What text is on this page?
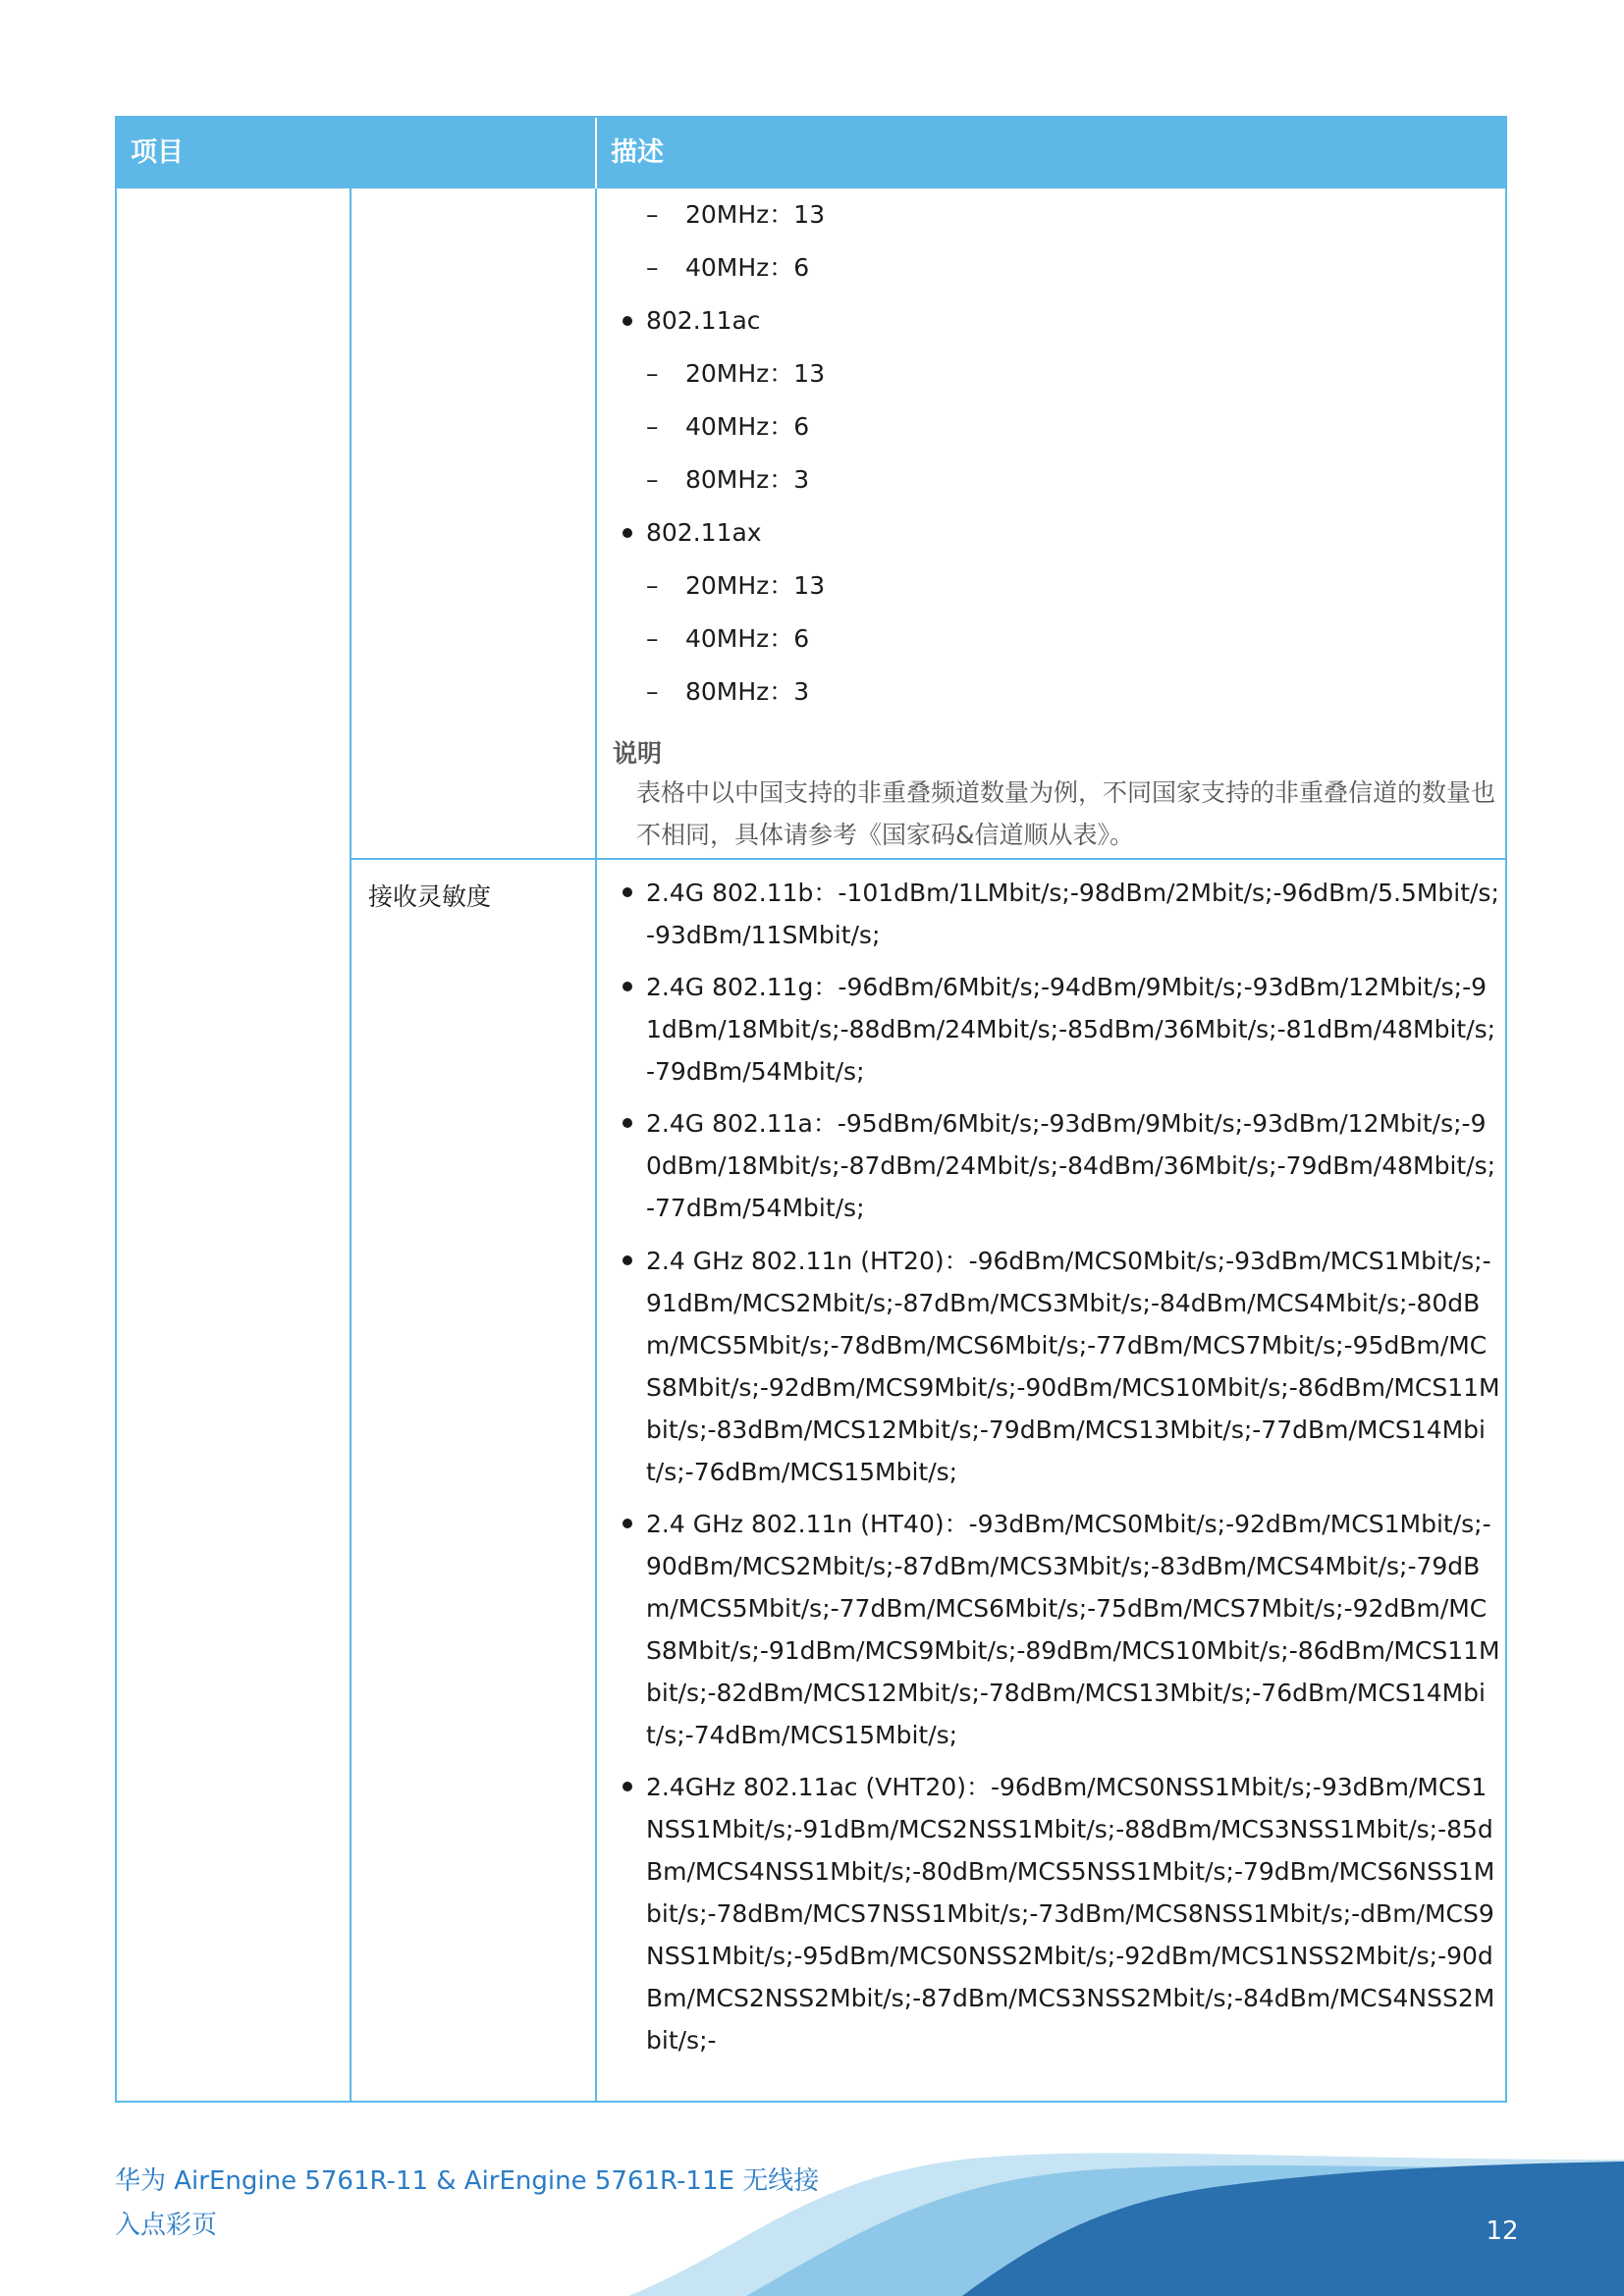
项目	描述
接收灵敏度
– 20MHz：13
– 40MHz：6
802.11ac
– 20MHz：13
– 40MHz：6
– 80MHz：3
802.11ax
– 20MHz：13
– 40MHz：6
– 80MHz：3
说明
表格中以中国支持的非重叠频道数量为例，不同国家支持的非重叠信道的数量也不相同，具体请参考《国家码&信道顺从表》。
2.4G 802.11b：-101dBm/1LMbit/s;-98dBm/2Mbit/s;-96dBm/5.5Mbit/s;-93dBm/11SMbit/s;
2.4G 802.11g：-96dBm/6Mbit/s;-94dBm/9Mbit/s;-93dBm/12Mbit/s;-91dBm/18Mbit/s;-88dBm/24Mbit/s;-85dBm/36Mbit/s;-81dBm/48Mbit/s;-79dBm/54Mbit/s;
2.4G 802.11a：-95dBm/6Mbit/s;-93dBm/9Mbit/s;-93dBm/12Mbit/s;-90dBm/18Mbit/s;-87dBm/24Mbit/s;-84dBm/36Mbit/s;-79dBm/48Mbit/s;-77dBm/54Mbit/s;
2.4 GHz 802.11n (HT20)：-96dBm/MCS0Mbit/s;-93dBm/MCS1Mbit/s;-91dBm/MCS2Mbit/s;-87dBm/MCS3Mbit/s;-84dBm/MCS4Mbit/s;-80dBm/MCS5Mbit/s;-78dBm/MCS6Mbit/s;-77dBm/MCS7Mbit/s;-95dBm/MCS8Mbit/s;-92dBm/MCS9Mbit/s;-90dBm/MCS10Mbit/s;-86dBm/MCS11Mbit/s;-83dBm/MCS12Mbit/s;-79dBm/MCS13Mbit/s;-77dBm/MCS14Mbit/s;-76dBm/MCS15Mbit/s;
2.4 GHz 802.11n (HT40)：-93dBm/MCS0Mbit/s;-92dBm/MCS1Mbit/s;-90dBm/MCS2Mbit/s;-87dBm/MCS3Mbit/s;-83dBm/MCS4Mbit/s;-79dBm/MCS5Mbit/s;-77dBm/MCS6Mbit/s;-75dBm/MCS7Mbit/s;-92dBm/MCS8Mbit/s;-91dBm/MCS9Mbit/s;-89dBm/MCS10Mbit/s;-86dBm/MCS11Mbit/s;-82dBm/MCS12Mbit/s;-78dBm/MCS13Mbit/s;-76dBm/MCS14Mbit/s;-74dBm/MCS15Mbit/s;
2.4GHz 802.11ac (VHT20)：-96dBm/MCS0NSS1Mbit/s;-93dBm/MCS1NSS1Mbit/s;-91dBm/MCS2NSS1Mbit/s;-88dBm/MCS3NSS1Mbit/s;-85dBm/MCS4NSS1Mbit/s;-80dBm/MCS5NSS1Mbit/s;-79dBm/MCS6NSS1Mbit/s;-78dBm/MCS7NSS1Mbit/s;-73dBm/MCS8NSS1Mbit/s;-dBm/MCS9NSS1Mbit/s;-95dBm/MCS0NSS2Mbit/s;-92dBm/MCS1NSS2Mbit/s;-90dBm/MCS2NSS2Mbit/s;-87dBm/MCS3NSS2Mbit/s;-84dBm/MCS4NSS2Mbit/s;-
华为 AirEngine 5761R-11 & AirEngine 5761R-11E 无线接入点彩页	12
